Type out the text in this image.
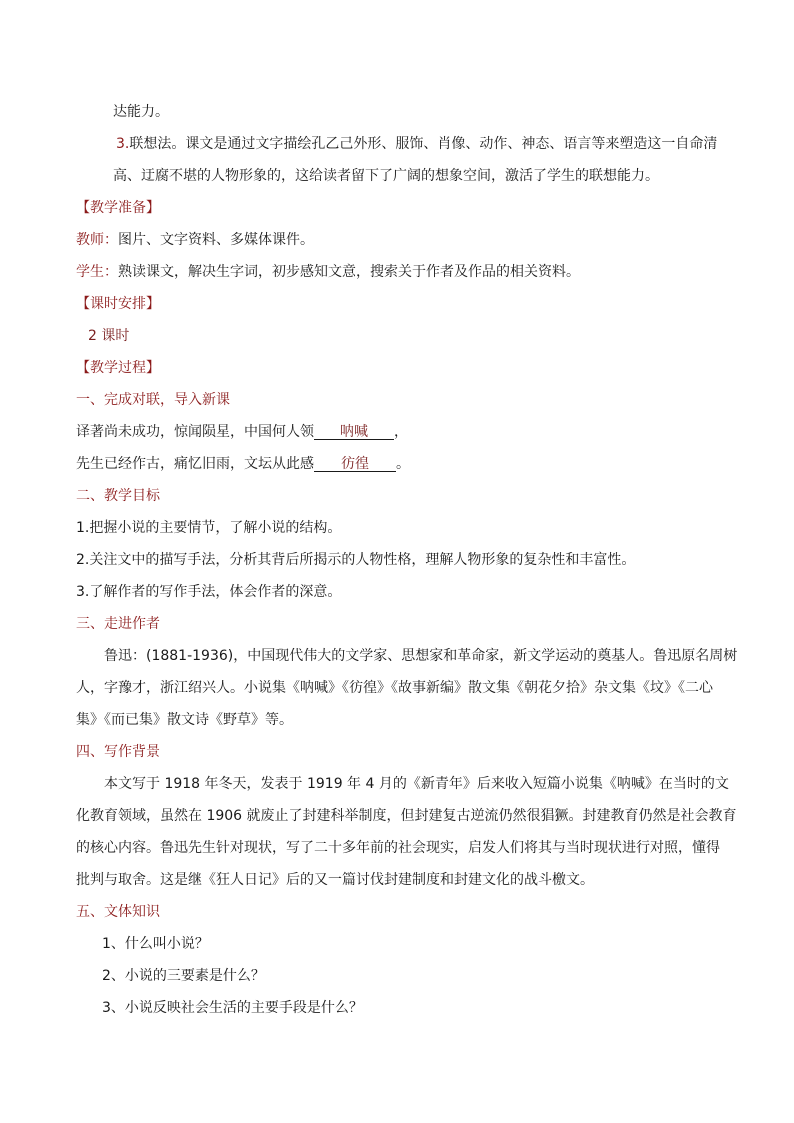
达能力。
3.联想法。课文是通过文字描绘孔乙己外形、服饰、肖像、动作、神态、语言等来塑造这一自命清
高、迂腐不堪的人物形象的，这给读者留下了广阔的想象空间，激活了学生的联想能力。
【教学准备】
教师：图片、文字资料、多媒体课件。
学生：熟读课文，解决生字词，初步感知文意，搜索关于作者及作品的相关资料。
【课时安排】
2 课时
【教学过程】
一、完成对联，导入新课
译著尚未成功，惊闻陨星，中国何人领 呐喊 ，
先生已经作古，痛忆旧雨，文坛从此感 彷徨 。
二、教学目标
1.把握小说的主要情节，了解小说的结构。
2.关注文中的描写手法，分析其背后所揭示的人物性格，理解人物形象的复杂性和丰富性。
3.了解作者的写作手法，体会作者的深意。
三、走进作者
鲁迅：(1881-1936)，中国现代伟大的文学家、思想家和革命家，新文学运动的奠基人。鲁迅原名周树
人，字豫才，浙江绍兴人。小说集《呐喊》《彷徨》《故事新编》散文集《朝花夕拾》杂文集《坟》《二心
集》《而已集》散文诗《野草》等。
四、写作背景
本文写于 1918 年冬天，发表于 1919 年 4 月的《新青年》后来收入短篇小说集《呐喊》在当时的文
化教育领域，虽然在 1906 就废止了封建科举制度，但封建复古逆流仍然很猖獗。封建教育仍然是社会教育
的核心内容。鲁迅先生针对现状，写了二十多年前的社会现实，启发人们将其与当时现状进行对照，懂得
批判与取舍。这是继《狂人日记》后的又一篇讨伐封建制度和封建文化的战斗檄文。
五、文体知识
1、什么叫小说？
2、小说的三要素是什么？
3、小说反映社会生活的主要手段是什么？
